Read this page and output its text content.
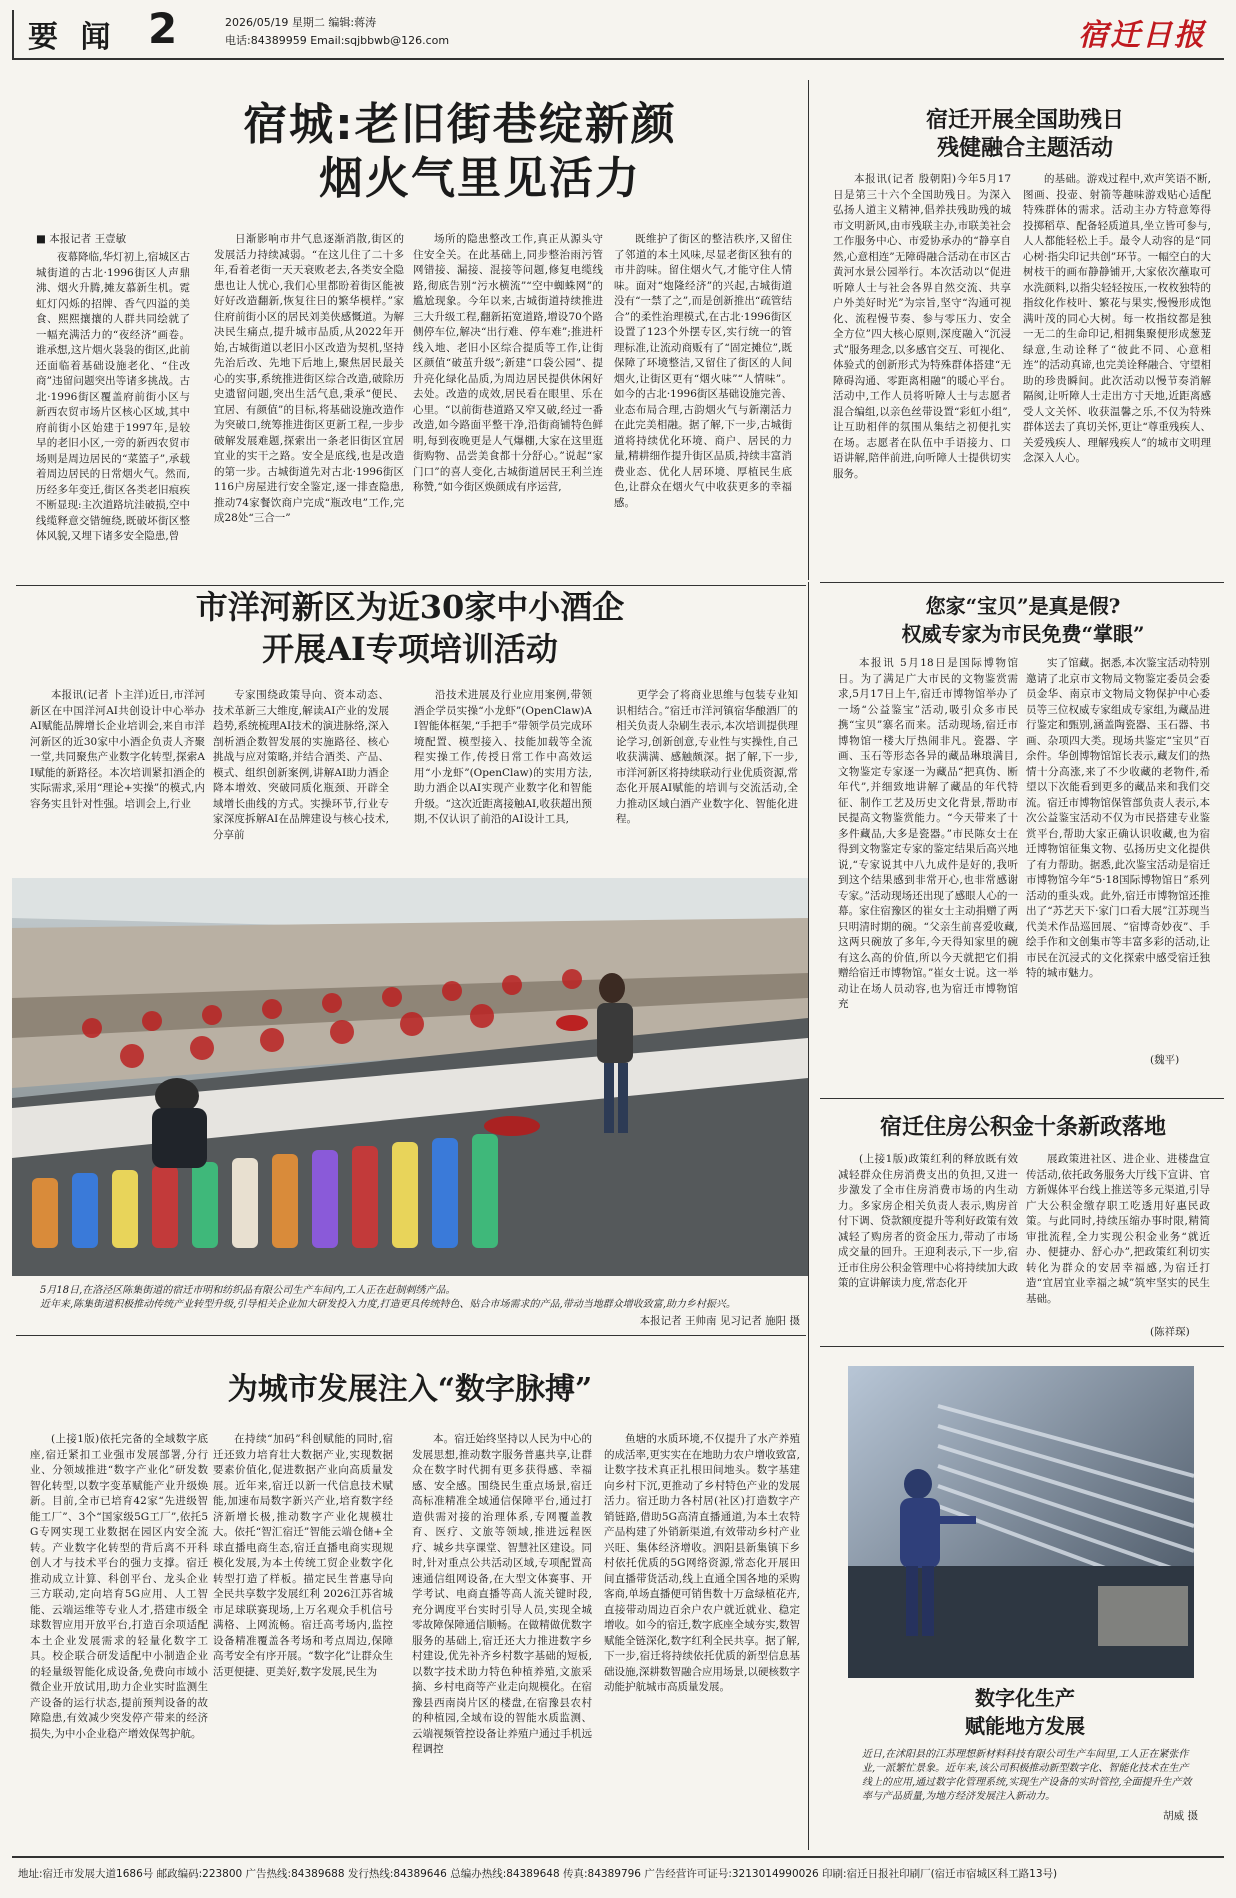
要 闻 2	2026/05/19 星期二 编辑:蒋涛
电话:84389959 Email:sqjbbwb@126.com	宿迁日报
宿城:老旧街巷绽新颜
烟火气里见活力
■ 本报记者 王壹敏

夜幕降临,华灯初上,宿城区古城街道的古北·1996街区人声鼎沸、烟火升腾,摊友慕新生机。霓虹灯闪烁的招牌、香气四溢的美食、熙熙攘攘的人群共同绘就了一幅充满活力的“夜经济”画卷。谁承想,这片烟火袅袅的街区,此前还面临着基础设施老化、“住改商”违留问题突出等诸多挑战。古北·1996街区覆盖府前街小区与新西农贸市场片区核心区域,其中府前街小区始建于1997年,是较早的老旧小区,一旁的新西农贸市场则是周边居民的“菜篮子”,承载着周边居民的日常烟火气。然而,历经多年变迁,街区各类老旧痕疾不断显现:主次道路坑洼破损,空中线缆释意交错缠绕,既破坏街区整体风貌,又埋下诸多安全隐患,曾

日渐影响市井气息逐渐消散,街区的发展活力持续减弱。“在这儿住了二十多年,看着老街一天天衰败老去,各类安全隐患也让人忧心,我们心里都盼着街区能被好好改造翻新,恢复往日的繁华模样。”家住府前街小区的居民刘美侠感慨道。为解决民生痛点,提升城市品质,从2022年开始,古城街道以老旧小区改造为契机,坚持先治后改、先地下后地上,聚焦居民最关心的实事,系统推进街区综合改造,破除历史遗留问题,突出生活气息,秉承“便民、宜居、有颜值”的目标,将基础设施改造作为突破口,统筹推进街区更新工程,一步步破解发展难题,探索出一条老旧街区宜居宜业的实干之路。安全是底线,也是改造的第一步。古城街道先对古北·1996街区116户房屋进行安全鉴定,逐一排查隐患,推动74家餐饮商户完成“瓶改电”工作,完成28处“三合一”

场所的隐患整改工作,真正从源头守住安全关。在此基础上,同步整治雨污管网错接、漏接、混接等问题,修复电缆线路,彻底告别“污水横流”“空中蜘蛛网”的尴尬现象。今年以来,古城街道持续推进三大升级工程,翻新拓宽道路,增设70个路侧停车位,解决“出行难、停车难”;推进杆线入地、老旧小区综合提质等工作,让街区颜值“破茧升级”;新建“口袋公园”、提升亮化绿化品质,为周边居民提供休闲好去处。改造的成效,居民看在眼里、乐在心里。“以前街巷道路又窄又破,经过一番改造,如今路面平整干净,沿街商铺特色鲜明,每到夜晚更是人气爆棚,大家在这里逛街购物、品尝美食都十分舒心。”说起“家门口”的喜人变化,古城街道居民王利兰连称赞,“如今街区焕颜成有序运营,

既维护了街区的整洁秩序,又留住了邻道的本土风味,尽显老街区独有的市井韵味。留住烟火气,才能守住人情味。面对“炮隆经济”的兴起,古城街道没有“一禁了之”,而是创新推出“疏管结合”的柔性治理模式,在古北·1996街区设置了123个外摆专区,实行统一的管理标准,让流动商贩有了“固定摊位”,既保障了环境整洁,又留住了街区的人间烟火,让街区更有“烟火味”“人情味”。如今的古北·1996街区基础设施完善、业态布局合理,古韵烟火气与新潮活力在此完美相融。据了解,下一步,古城街道将持续优化环境、商户、居民的力量,精耕细作提升街区品质,持续丰富消费业态、优化人居环境、厚植民生底色,让群众在烟火气中收获更多的幸福感。

宿迁开展全国助残日
残健融合主题活动

本报讯(记者 殷朝阳)今年5月17日是第三十六个全国助残日。为深入弘扬人道主义精神,倡养扶残助残的城市文明新风,由市残联主办,市联美社会工作服务中心、市爱协承办的“静享自然,心意相连”无障碍融合活动在市区古黄河水景公园举行。本次活动以“促进听障人士与社会各界自然交流、共享户外美好时光”为宗旨,坚守“沟通可视化、流程慢节奏、参与零压力、安全全方位”四大核心原则,深度融入“沉浸式”服务理念,以多感官交互、可视化、体验式的创新形式为特殊群体搭建“无障碍沟通、零距离相融”的暖心平台。活动中,工作人员将听障人士与志愿者混合编组,以亲色丝带设置“彩虹小组”,让互助相伴的氛围从集结之初便扎实在场。志愿者在队伍中手语接力、口语讲解,陪伴前进,向听障人士提供切实服务。

的基础。游戏过程中,欢声笑语不断,图画、投壶、射箭等趣味游戏贴心适配特殊群体的需求。活动主办方特意筹得投掷稻草、配备轻质道具,坐立皆可参与,人人都能轻松上手。最令人动容的是“同心树·指尖印记共创”环节。一幅空白的大树枝干的画布静静铺开,大家依次蘸取可水洗颜料,以指尖轻轻按压,一枚枚独特的指纹化作枝叶、繁花与果实,慢慢形成饱满叶茂的同心大树。每一枚指纹都是独一无二的生命印记,相拥集聚便形成葱茏绿意,生动诠释了“彼此不同、心意相连”的活动真谛,也完美诠释融合、守望相助的珍贵瞬间。此次活动以慢节奏消解隔阂,让听障人士走出方寸天地,近距离感受人文关怀、收获温馨之乐,不仅为特殊群体送去了真切关怀,更让“尊重残疾人、关爱残疾人、理解残疾人”的城市文明理念深入人心。

市洋河新区为近30家中小酒企
开展AI专项培训活动

本报讯(记者 卜主洋)近日,市洋河新区在中国洋河AI共创设计中心举办AI赋能品牌增长企业培训会,来自市洋河新区的近30家中小酒企负责人齐聚一堂,共同聚焦产业数字化转型,探索AI赋能的新路径。本次培训紧扣酒企的实际需求,采用“理论+实操”的模式,内容务实且针对性强。培训会上,行业

专家围绕政策导向、资本动态、技术革新三大维度,解读AI产业的发展趋势,系统梳理AI技术的演进脉络,深入剖析酒企数智发展的实施路径、核心挑战与应对策略,并结合酒类、产品、模式、组织创新案例,讲解AI助力酒企降本增效、突破同质化瓶颈、开辟全域增长曲线的方式。实操环节,行业专家深度拆解AI在品牌建设与核心技术,分享前

沿技术进展及行业应用案例,带领酒企学员实操“小龙虾”(OpenClaw)AI智能体框架,“手把手”带领学员完成环境配置、模型接入、技能加载等全流程实操工作,传授日常工作中高效运用“小龙虾”(OpenClaw)的实用方法,助力酒企以AI实现产业数字化和智能升级。“这次近距离接触AI,收获超出预期,不仅认识了前沿的AI设计工具,

更学会了将商业思维与包装专业知识相结合。”宿迁市洋河镇宿华酿酒厂的相关负责人杂刷生表示,本次培训提供理论学习,创新创意,专业性与实操性,自己收获满满、感触颇深。据了解,下一步,市洋河新区将持续联动行业优质资源,常态化开展AI赋能的培训与交流活动,全力推动区域白酒产业数字化、智能化进程。

5月18日,在洛泾区陈集街道的宿迁市明和纺织品有限公司生产车间内,工人正在赶制刺绣产品。
近年来,陈集街道积极推动传统产业转型升级,引导相关企业加大研发投入力度,打造更具传统特色、贴合市场需求的产品,带动当地群众增收致富,助力乡村振兴。
本报记者 王帅南 见习记者 施阳 摄
您家“宝贝”是真是假?
权威专家为市民免费“掌眼”

本报讯 5月18日是国际博物馆日。为了满足广大市民的文物鉴赏需求,5月17日上午,宿迁市博物馆举办了一场“公益鉴宝”活动,吸引众多市民携“宝贝”寨名而来。活动现场,宿迁市博物馆一楼大厅热闹非凡。瓷器、字画、玉石等形态各异的藏品琳琅满目,文物鉴定专家逐一为藏品“把真伪、断年代”,并细致地讲解了藏品的年代特征、制作工艺及历史文化背景,帮助市民提高文物鉴赏能力。“今天带来了十多件藏品,大多是瓷器。”市民陈女士在得到文物鉴定专家的鉴定结果后高兴地说,“专家说其中八九成件是好的,我听到这个结果感到非常开心,也非常感谢专家。”活动现场还出现了感眼人心的一幕。家住宿豫区的崔女士主动捐赠了两只明清时期的碗。“父亲生前喜爱收藏,这两只碗放了多年,今天得知家里的碗有这么高的价值,所以今天就把它们捐赠给宿迁市博物馆。”崔女士说。这一举动让在场人员动容,也为宿迁市博物馆充

实了馆藏。据悉,本次鉴宝活动特别邀请了北京市文物局文物鉴定委员会委员金华、南京市文物局文物保护中心委员等三位权威专家组成专家组,为藏品进行鉴定和甄别,涵盖陶瓷器、玉石器、书画、杂项四大类。现场共鉴定“宝贝”百余件。华创博物馆馆长表示,藏友们的热情十分高涨,来了不少收藏的老物件,希望以下次能看到更多的藏品来和我们交流。宿迁市博物馆保管部负责人表示,本次公益鉴宝活动不仅为市民搭建专业鉴赏平台,帮助大家正确认识收藏,也为宿迁博物馆征集文物、弘扬历史文化提供了有力帮助。据悉,此次鉴宝活动是宿迁市博物馆今年“5·18国际博物馆日”系列活动的重头戏。此外,宿迁市博物馆还推出了“苏艺天下·家门口看大展”江苏现当代美术作品巡回展、“宿博奇妙夜”、手绘手作和文创集市等丰富多彩的活动,让市民在沉浸式的文化探索中感受宿迁独特的城市魅力。

(魏平)
宿迁住房公积金十条新政落地

(上接1版)政策红利的释放既有效减轻群众住房消费支出的负担,又进一步激发了全市住房消费市场的内生动力。多家房企相关负责人表示,购房首付下调、贷款额度提升等利好政策有效减轻了购房者的资金压力,带动了市场成交量的回升。王迎利表示,下一步,宿迁市住房公积金管理中心将持续加大政策的宣讲解读力度,常态化开

展政策进社区、进企业、进楼盘宣传活动,依托政务服务大厅线下宣讲、官方新媒体平台线上推送等多元渠道,引导广大公积金缴存职工吃透用好惠民政策。与此同时,持续压缩办事时限,精简审批流程,全力实现公积金业务“就近办、便捷办、舒心办”,把政策红利切实转化为群众的安居幸福感,为宿迁打造“宜居宜业幸福之城”筑牢坚实的民生基础。

(陈祥琛)
为城市发展注入“数字脉搏”

(上接1版)依托完备的全域数字底座,宿迁紧扣工业强市发展部署,分行业、分领域推进“数字产业化”研发数智化转型,以数字变革赋能产业升级焕新。目前,全市已培育42家“先进级智能工厂”、3个“国家级5G工厂”,依托5G专网实现工业数据在园区内安全流转。产业数字化转型的背后离不开科创人才与技术平台的强力支撑。宿迁推动成立计算、科创平台、龙头企业三方联动,定向培育5G应用、人工智能、云端运维等专业人才,搭建市级全球数智应用开放平台,打造百余项适配本土企业发展需求的轻量化数字工具。校企联合研发适配中小制造企业的轻量级智能化成设备,免费向市域小微企业开放试用,助力企业实时监测生产设备的运行状态,提前预判设备的故障隐患,有效减少突发停产带来的经济损失,为中小企业稳产增效保驾护航。

在持续“加码”科创赋能的同时,宿迁还致力培育壮大数据产业,实现数据要素价值化,促进数据产业向高质量发展。近年来,宿迁以新一代信息技术赋能,加速布局数字新兴产业,培育数字经济新增长极,推动数字产业化规模壮大。依托“智汇宿迁”智能云端仓储+全球直播电商生态,宿迁直播电商实现规模化发展,为本土传统工贸企业数字化转型打造了样板。描定民生普惠导向 全民共享数字发展红利 2026江苏省城市足球联赛现场,上万名观众手机信号满格、上网流畅。宿迁高考场内,监控设备精准覆盖各考场和考点周边,保障高考安全有序开展。“数字化”让群众生活更便捷、更美好,数字发展,民生为

本。宿迁始终坚持以人民为中心的发展思想,推动数字服务普惠共享,让群众在数字时代拥有更多获得感、幸福感、安全感。围绕民生重点场景,宿迁高标准精准全域通信保障平台,通过打造供需对接的治理体系,专网覆盖教育、医疗、文旅等领域,推进远程医疗、城乡共享课堂、智慧社区建设。同时,针对重点公共活动区域,专项配置高速通信组网设备,在大型文体赛事、开学考试、电商直播等高人流关键时段,充分调度平台实时引导人员,实现全城零故障保障通信顺畅。在做精做优数字服务的基础上,宿迁还大力推进数字乡村建设,优先补齐乡村数字基础的短板,以数字技术助力特色种植养殖,文旅采摘、乡村电商等产业走向规模化。在宿豫县西南岗片区的楼盘,在宿豫县农村的种植园,全域布设的智能水质监测、云端视频管控设备让养殖户通过手机远程调控

鱼塘的水质环境,不仅提升了水产养殖的成活率,更实实在在地助力农户增收致富,让数字技术真正扎根田间地头。数字基建向乡村下沉,更推动了乡村特色产业的发展活力。宿迁助力各村居(社区)打造数字产销链路,借助5G高清直播通道,为本土农特产品构建了外销新渠道,有效带动乡村产业兴旺、集体经济增收。泗阳县新集镇下乡村依托优质的5G网络资源,常态化开展田间直播带货活动,线上直通全国各地的采购客商,单场直播便可销售数十万盒绿植花卉,直接带动周边百余户农户就近就业、稳定增收。如今的宿迁,数字底座全域夯实,数智赋能全链深化,数字红利全民共享。据了解,下一步,宿迁将持续依托优质的新型信息基础设施,深耕数智融合应用场景,以硬核数字动能护航城市高质量发展。	数字化生产
赋能地方发展
近日,在沭阳县的江苏理想新材料科技有限公司生产车间里,工人正在紧张作业,一派繁忙景象。近年来,该公司积极推动新型数字化、智能化技术在生产线上的应用,通过数字化管理系统,实现生产设备的实时管控,全面提升生产效率与产品质量,为地方经济发展注入新动力。
胡威 摄
地址:宿迁市发展大道1686号 邮政编码:223800 广告热线:84389688 发行热线:84389646 总编办热线:84389648 传真:84389796 广告经营许可证号:3213014990026 印刷:宿迁日报社印刷厂(宿迁市宿城区科工路13号)
